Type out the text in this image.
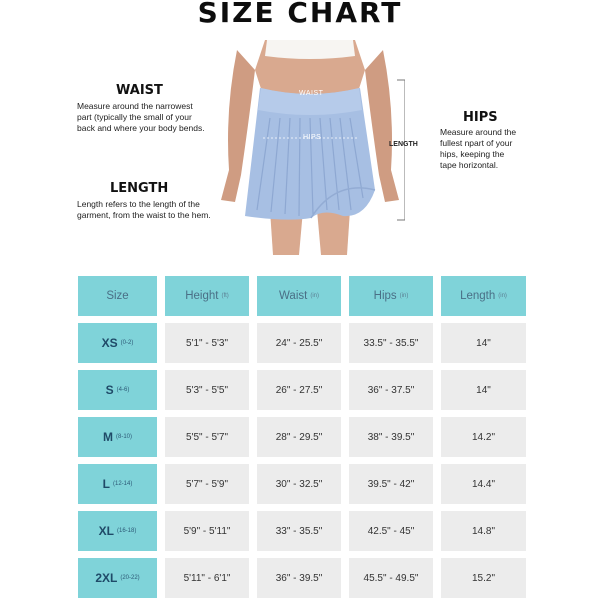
SIZE CHART
WAIST
Measure around the narrowest
part (typically the small of your
back and where your body bends.
LENGTH
Length refers to the length of the
garment, from the waist to the hem.
HIPS
Measure around the
fullest npart of your
hips, keeping the
tape horizontal.
WAIST
HIPS
LENGTH
Size	Height (ft)	Waist (in)	Hips (in)	Length (in)
XS (0-2)	5'1" - 5'3"	24" - 25.5"	33.5" - 35.5"	14"
S (4-6)	5'3" - 5'5"	26" - 27.5"	36" - 37.5"	14"
M (8-10)	5'5" - 5'7"	28" - 29.5"	38" - 39.5"	14.2"
L (12-14)	5'7" - 5'9"	30" - 32.5"	39.5" - 42"	14.4"
XL (16-18)	5'9" - 5'11"	33" - 35.5"	42.5" - 45"	14.8"
2XL (20-22)	5'11" - 6'1"	36" - 39.5"	45.5" - 49.5"	15.2"
